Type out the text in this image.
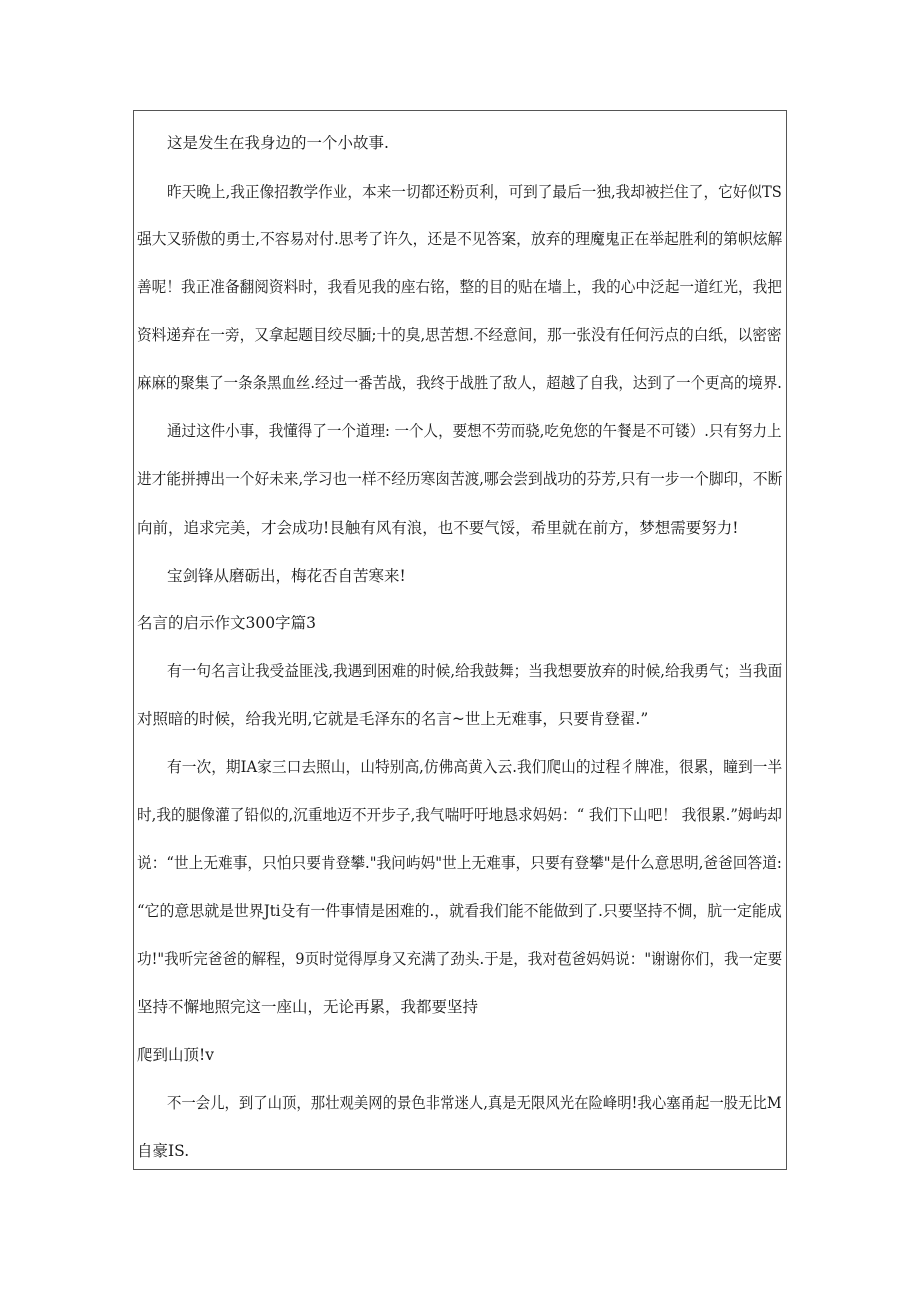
这是发生在我身边的一个小故事.
昨天晚上,我正像招教学作业，本来一切都还粉页利，可到了最后一独,我却被拦住了，它好似TS
强大又骄傲的勇士,不容易对付.思考了许久，还是不见答案，放弃的理魔鬼正在举起胜利的第帜炫解
善呢！我正准备翻阅资料时，我看见我的座右铭，整的目的贴在墙上，我的心中泛起一道红光，我把
资料递弃在一旁，又拿起题目绞尽腼;十的臭,思苦想.不经意间，那一张没有任何污点的白纸，以密密
麻麻的聚集了一条条黑血丝.经过一番苦战，我终于战胜了敌人，超越了自我，达到了一个更高的境界.
通过这件小事，我懂得了一个道理: 一个人，要想不劳而骁,吃免您的午餐是不可镂）.只有努力上
进才能拼搏出一个好未来,学习也一样不经历寒囱苦渡,哪会尝到战功的芬芳,只有一步一个脚印，不断
向前，追求完美，才会成功!艮触有风有浪，也不要气馁，希里就在前方，梦想需要努力!
宝剑锋从磨砺出，梅花否自苦寒来!
名言的启示作文300字篇3
有一句名言让我受益匪浅,我遇到困难的时候,给我鼓舞；当我想要放弃的时候,给我勇气；当我面
对照暗的时候，给我光明,它就是毛泽东的名言~世上无难事，只要肯登翟.”
有一次，期IA家三口去照山，山特别高,仿佛高黄入云.我们爬山的过程彳牌准，很累，瞳到一半
时,我的腿像灌了铅似的,沉重地迈不开步子,我气喘吁吁地恳求妈妈：“ 我们下山吧！ 我很累.”姆屿却
说：“世上无难事，只怕只要肯登攀."我问屿妈"世上无难事，只要有登攀"是什么意思明,爸爸回答道:
“它的意思就是世界Jti殳有一件事情是困难的.，就看我们能不能做到了.只要坚持不惆，肮一定能成
功!"我听完爸爸的解程，9页时觉得厚身又充满了劲头.于是，我对苞爸妈妈说："谢谢你们，我一定要
坚持不懈地照完这一座山，无论再累，我都要坚持
爬到山顶!v
不一会儿，到了山顶，那壮观美网的景色非常迷人,真是无限风光在险峰明!我心塞甬起一股无比M
自豪IS.
